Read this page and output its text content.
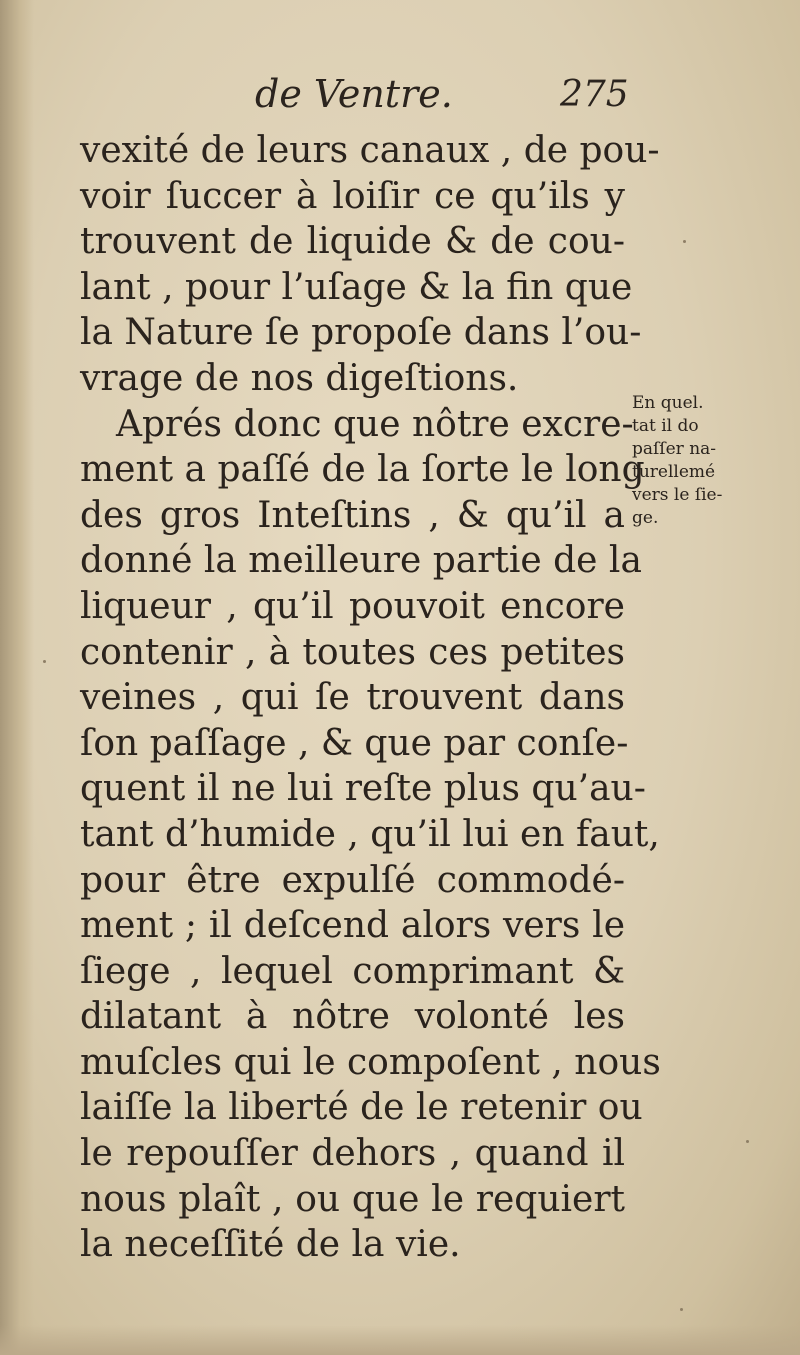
de Ventre.	275
vexité de leurs canaux , de pou-
voir ſuccer à loiſir ce qu’ils y
trouvent de liquide & de cou-
lant , pour l’uſage & la fin que
la Nature ſe propoſe dans l’ou-
vrage de nos digeſtions.
Aprés donc que nôtre excre-
ment a paſſé de la ſorte le long
des gros Inteſtins , & qu’il a
donné la meilleure partie de la
liqueur , qu’il pouvoit encore
contenir , à toutes ces petites
veines , qui ſe trouvent dans
ſon paſſage , & que par conſe-
quent il ne lui reſte plus qu’au-
tant d’humide , qu’il lui en faut,
pour être expulſé commodé-
ment ; il deſcend alors vers le
ſiege , lequel comprimant &
dilatant à nôtre volonté les
muſcles qui le compoſent , nous
laiſſe la liberté de le retenir ou
le repouſſer dehors , quand il
nous plaît , ou que le requiert
la neceſſité de la vie.
En quel.
tat il do
paſſer na-
turellemé
vers le ſie-
ge.
